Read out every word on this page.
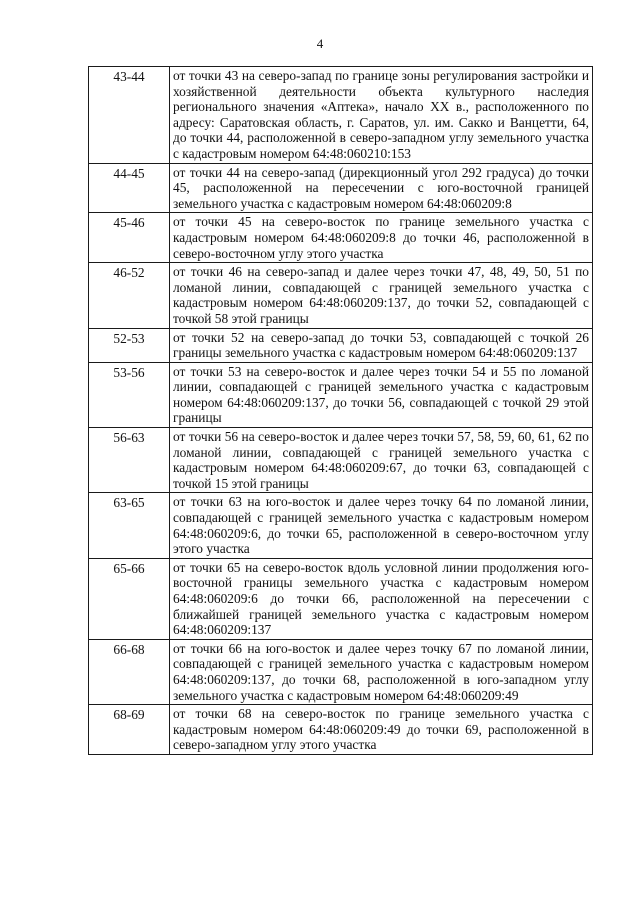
4
43-44	от точки 43 на северо-запад по границе зоны регулирования застройки и хозяйственной деятельности объекта культурного наследия регионального значения «Аптека», начало XX в., расположенного по адресу: Саратовская область, г. Саратов, ул. им. Сакко и Ванцетти, 64, до точки 44, расположенной в северо-западном углу земельного участка с кадастровым номером 64:48:060210:153
44-45	от точки 44 на северо-запад (дирекционный угол 292 градуса) до точки 45, расположенной на пересечении с юго-восточной границей земельного участка с кадастровым номером 64:48:060209:8
45-46	от точки 45 на северо-восток по границе земельного участка с кадастровым номером 64:48:060209:8 до точки 46, расположенной в северо-восточном углу этого участка
46-52	от точки 46 на северо-запад и далее через точки 47, 48, 49, 50, 51 по ломаной линии, совпадающей с границей земельного участка с кадастровым номером 64:48:060209:137, до точки 52, совпадающей с точкой 58 этой границы
52-53	от точки 52 на северо-запад до точки 53, совпадающей с точкой 26 границы земельного участка с кадастровым номером 64:48:060209:137
53-56	от точки 53 на северо-восток и далее через точки 54 и 55 по ломаной линии, совпадающей с границей земельного участка с кадастровым номером 64:48:060209:137, до точки 56, совпадающей с точкой 29 этой границы
56-63	от точки 56 на северо-восток и далее через точки 57, 58, 59, 60, 61, 62 по ломаной линии, совпадающей с границей земельного участка с кадастровым номером 64:48:060209:67, до точки 63, совпадающей с точкой 15 этой границы
63-65	от точки 63 на юго-восток и далее через точку 64 по ломаной линии, совпадающей с границей земельного участка с кадастровым номером 64:48:060209:6, до точки 65, расположенной в северо-восточном углу этого участка
65-66	от точки 65 на северо-восток вдоль условной линии продолжения юго-восточной границы земельного участка с кадастровым номером 64:48:060209:6 до точки 66, расположенной на пересечении с ближайшей границей земельного участка с кадастровым номером 64:48:060209:137
66-68	от точки 66 на юго-восток и далее через точку 67 по ломаной линии, совпадающей с границей земельного участка с кадастровым номером 64:48:060209:137, до точки 68, расположенной в юго-западном углу земельного участка с кадастровым номером 64:48:060209:49
68-69	от точки 68 на северо-восток по границе земельного участка с кадастровым номером 64:48:060209:49 до точки 69, расположенной в северо-западном углу этого участка
